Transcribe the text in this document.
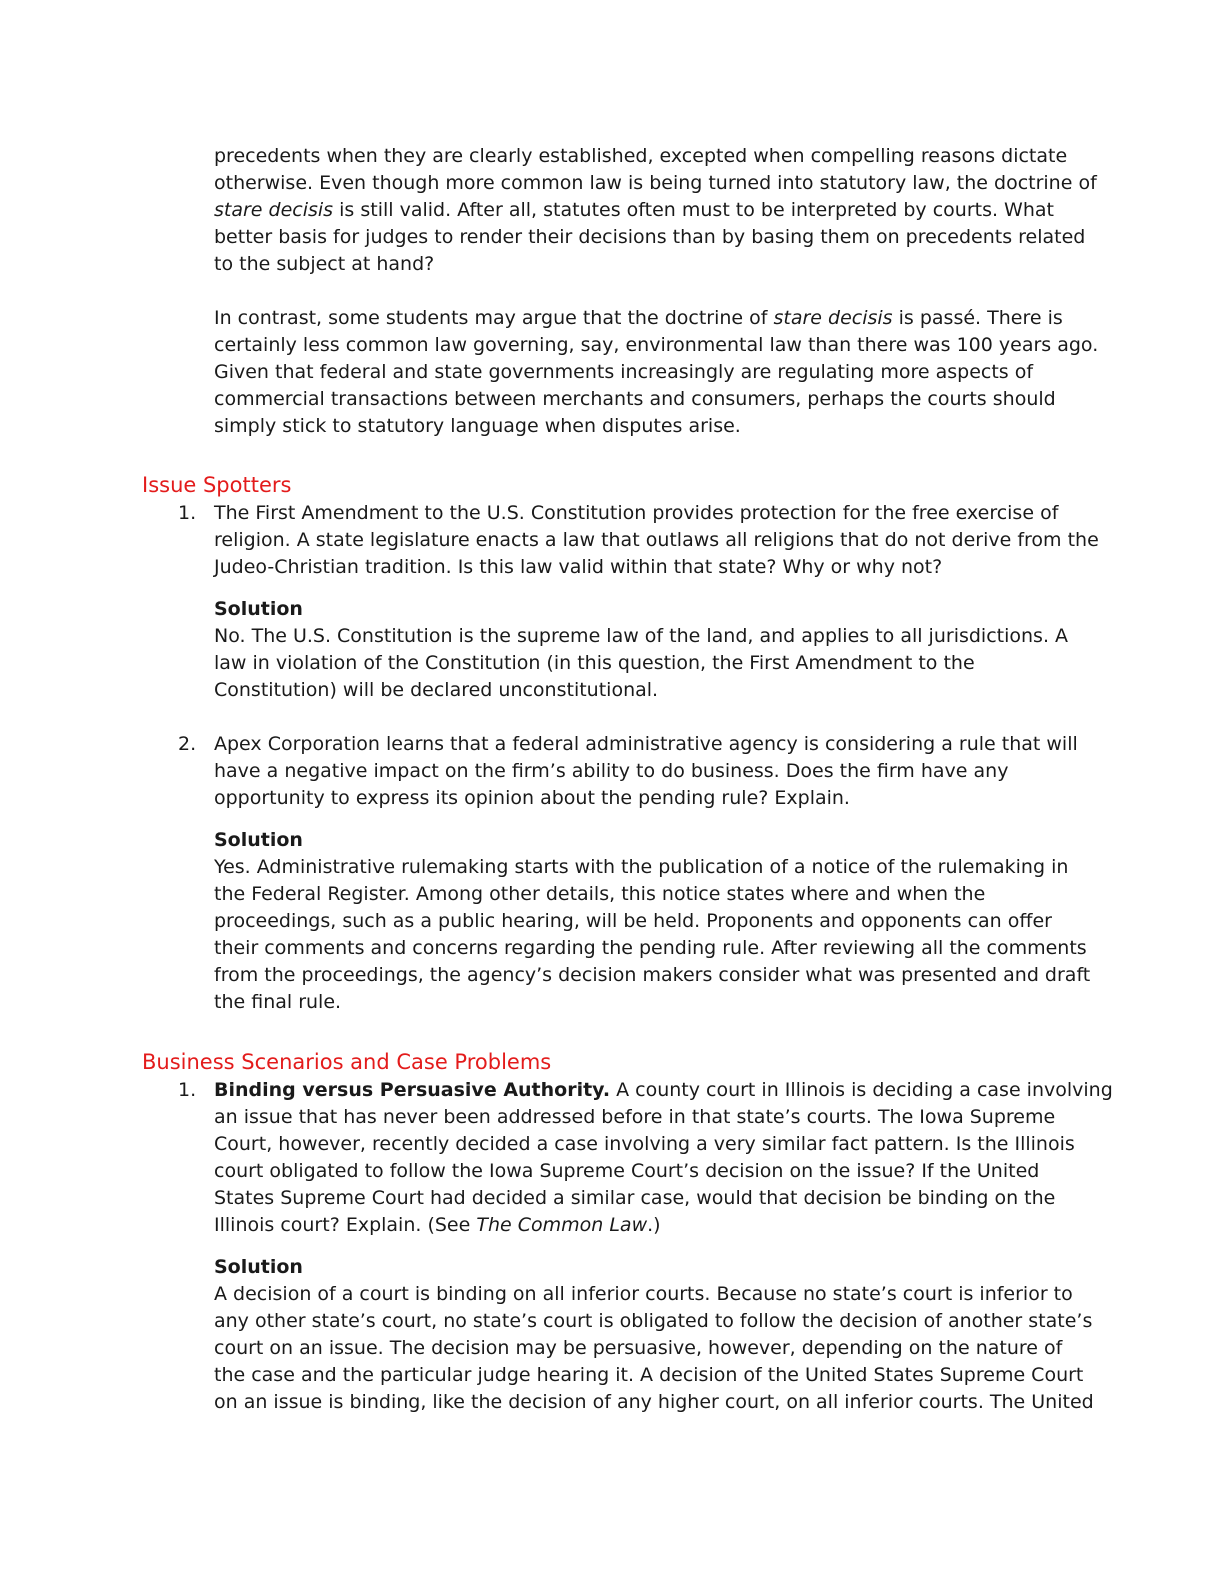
precedents when they are clearly established, excepted when compelling reasons dictate
otherwise. Even though more common law is being turned into statutory law, the doctrine of
stare decisis is still valid. After all, statutes often must to be interpreted by courts. What
better basis for judges to render their decisions than by basing them on precedents related
to the subject at hand?
In contrast, some students may argue that the doctrine of stare decisis is passé. There is
certainly less common law governing, say, environmental law than there was 100 years ago.
Given that federal and state governments increasingly are regulating more aspects of
commercial transactions between merchants and consumers, perhaps the courts should
simply stick to statutory language when disputes arise.
Issue Spotters
1. The First Amendment to the U.S. Constitution provides protection for the free exercise of
religion. A state legislature enacts a law that outlaws all religions that do not derive from the
Judeo-Christian tradition. Is this law valid within that state? Why or why not?
Solution
No. The U.S. Constitution is the supreme law of the land, and applies to all jurisdictions. A
law in violation of the Constitution (in this question, the First Amendment to the
Constitution) will be declared unconstitutional.
2. Apex Corporation learns that a federal administrative agency is considering a rule that will
have a negative impact on the firm’s ability to do business. Does the firm have any
opportunity to express its opinion about the pending rule? Explain.
Solution
Yes. Administrative rulemaking starts with the publication of a notice of the rulemaking in
the Federal Register. Among other details, this notice states where and when the
proceedings, such as a public hearing, will be held. Proponents and opponents can offer
their comments and concerns regarding the pending rule. After reviewing all the comments
from the proceedings, the agency’s decision makers consider what was presented and draft
the final rule.
Business Scenarios and Case Problems
1. Binding versus Persuasive Authority. A county court in Illinois is deciding a case involving
an issue that has never been addressed before in that state’s courts. The Iowa Supreme
Court, however, recently decided a case involving a very similar fact pattern. Is the Illinois
court obligated to follow the Iowa Supreme Court’s decision on the issue? If the United
States Supreme Court had decided a similar case, would that decision be binding on the
Illinois court? Explain. (See The Common Law.)
Solution
A decision of a court is binding on all inferior courts. Because no state’s court is inferior to
any other state’s court, no state’s court is obligated to follow the decision of another state’s
court on an issue. The decision may be persuasive, however, depending on the nature of
the case and the particular judge hearing it. A decision of the United States Supreme Court
on an issue is binding, like the decision of any higher court, on all inferior courts. The United
